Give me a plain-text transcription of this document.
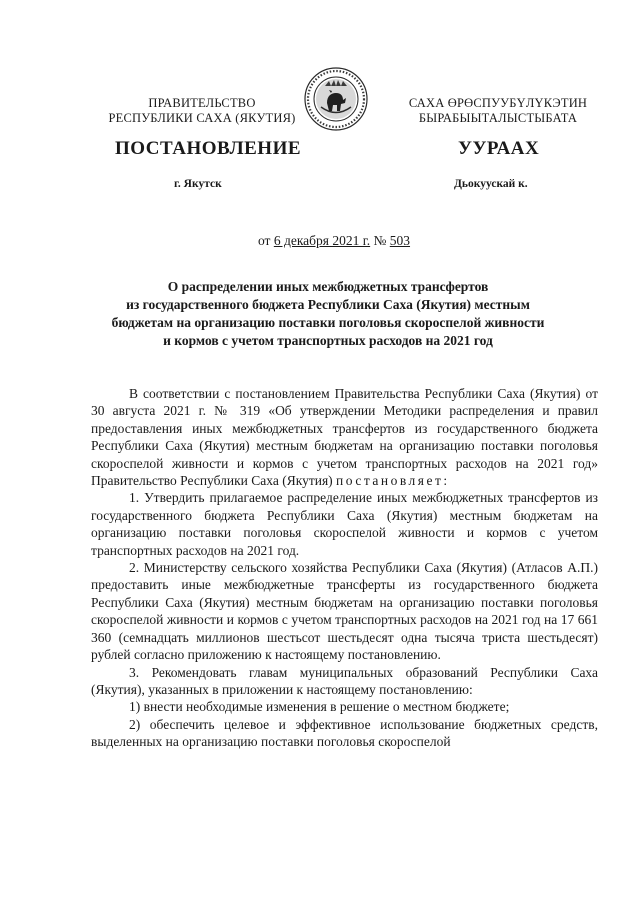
ПРАВИТЕЛЬСТВО
РЕСПУБЛИКИ САХА (ЯКУТИЯ)
САХА ӨРӨСПУУБҮЛҮКЭТИН
БЫРАБЫЫТАЛЫСТЫБАТА
ПОСТАНОВЛЕНИЕ	УУРААХ
г. Якутск	Дьокуускай к.
от 6 декабря 2021 г. № 503
О распределении иных межбюджетных трансфертов
из государственного бюджета Республики Саха (Якутия) местным
бюджетам на организацию поставки поголовья скороспелой живности
и кормов с учетом транспортных расходов на 2021 год

В соответствии с постановлением Правительства Республики Саха (Якутия) от 30 августа 2021 г. № 319 «Об утверждении Методики распределения и правил предоставления иных межбюджетных трансфертов из государственного бюджета Республики Саха (Якутия) местным бюджетам на организацию поставки поголовья скороспелой живности и кормов с учетом транспортных расходов на 2021 год» Правительство Республики Саха (Якутия) постановляет:

1. Утвердить прилагаемое распределение иных межбюджетных трансфертов из государственного бюджета Республики Саха (Якутия) местным бюджетам на организацию поставки поголовья скороспелой живности и кормов с учетом транспортных расходов на 2021 год.

2. Министерству сельского хозяйства Республики Саха (Якутия) (Атласов А.П.) предоставить иные межбюджетные трансферты из государственного бюджета Республики Саха (Якутия) местным бюджетам на организацию поставки поголовья скороспелой живности и кормов с учетом транспортных расходов на 2021 год на 17 661 360 (семнадцать миллионов шестьсот шестьдесят одна тысяча триста шестьдесят) рублей согласно приложению к настоящему постановлению.

3. Рекомендовать главам муниципальных образований Республики Саха (Якутия), указанных в приложении к настоящему постановлению:

1) внести необходимые изменения в решение о местном бюджете;

2) обеспечить целевое и эффективное использование бюджетных средств, выделенных на организацию поставки поголовья скороспелой
